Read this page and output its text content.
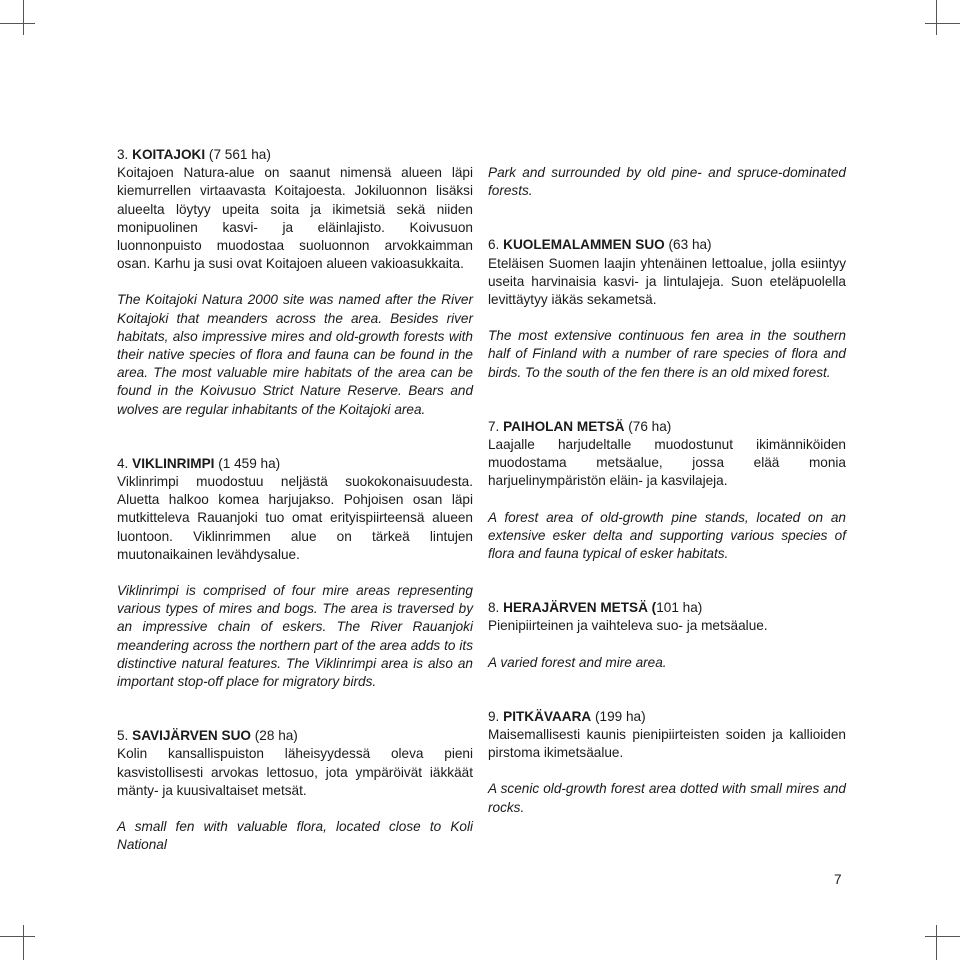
3. KOITAJOKI (7 561 ha)

Koitajoen Natura-alue on saanut nimensä alueen läpi kiemurrellen virtaavasta Koitajoesta. Jokiluonnon lisäksi alueelta löytyy upeita soita ja ikimetsiä sekä niiden monipuolinen kasvi- ja eläinlajisto. Koivusuon luonnonpuisto muodostaa suoluonnon arvokkaimman osan. Karhu ja susi ovat Koitajoen alueen vakioasukkaita.

The Koitajoki Natura 2000 site was named after the River Koitajoki that meanders across the area. Besides river habitats, also impressive mires and old-growth forests with their native species of flora and fauna can be found in the area. The most valuable mire habitats of the area can be found in the Koivusuo Strict Nature Reserve. Bears and wolves are regular inhabitants of the Koitajoki area.

4. VIKLINRIMPI (1 459 ha)

Viklinrimpi muodostuu neljästä suokokonaisuudesta. Aluetta halkoo komea harjujakso. Pohjoisen osan läpi mutkitteleva Rauanjoki tuo omat erityispiirteensä alueen luontoon. Viklinrimmen alue on tärkeä lintujen muutonaikainen levähdysalue.

Viklinrimpi is comprised of four mire areas representing various types of mires and bogs. The area is traversed by an impressive chain of eskers. The River Rauanjoki meandering across the northern part of the area adds to its distinctive natural features. The Viklinrimpi area is also an important stop-off place for migratory birds.

5. SAVIJÄRVEN SUO (28 ha)

Kolin kansallispuiston läheisyydessä oleva pieni kasvistollisesti arvokas lettosuo, jota ympäröivät iäkkäät mänty- ja kuusivaltaiset metsät.

A small fen with valuable flora, located close to Koli National

Park and surrounded by old pine- and spruce-dominated forests.

6. KUOLEMALAMMEN SUO (63 ha)

Eteläisen Suomen laajin yhtenäinen lettoalue, jolla esiintyy useita harvinaisia kasvi- ja lintulajeja. Suon eteläpuolella levittäytyy iäkäs sekametsä.

The most extensive continuous fen area in the southern half of Finland with a number of rare species of flora and birds. To the south of the fen there is an old mixed forest.

7. PAIHOLAN METSÄ (76 ha)

Laajalle harjudeltalle muodostunut ikimänniköiden muodostama metsäalue, jossa elää monia harjuelinympäristön eläin- ja kasvilajeja.

A forest area of old-growth pine stands, located on an extensive esker delta and supporting various species of flora and fauna typical of esker habitats.

8. HERAJÄRVEN METSÄ (101 ha)

Pienipiirteinen ja vaihteleva suo- ja metsäalue.

A varied forest and mire area.

9. PITKÄVAARA (199 ha)

Maisemallisesti kaunis pienipiirteisten soiden ja kallioiden pirstoma ikimetsäalue.

A scenic old-growth forest area dotted with small mires and rocks.

7
